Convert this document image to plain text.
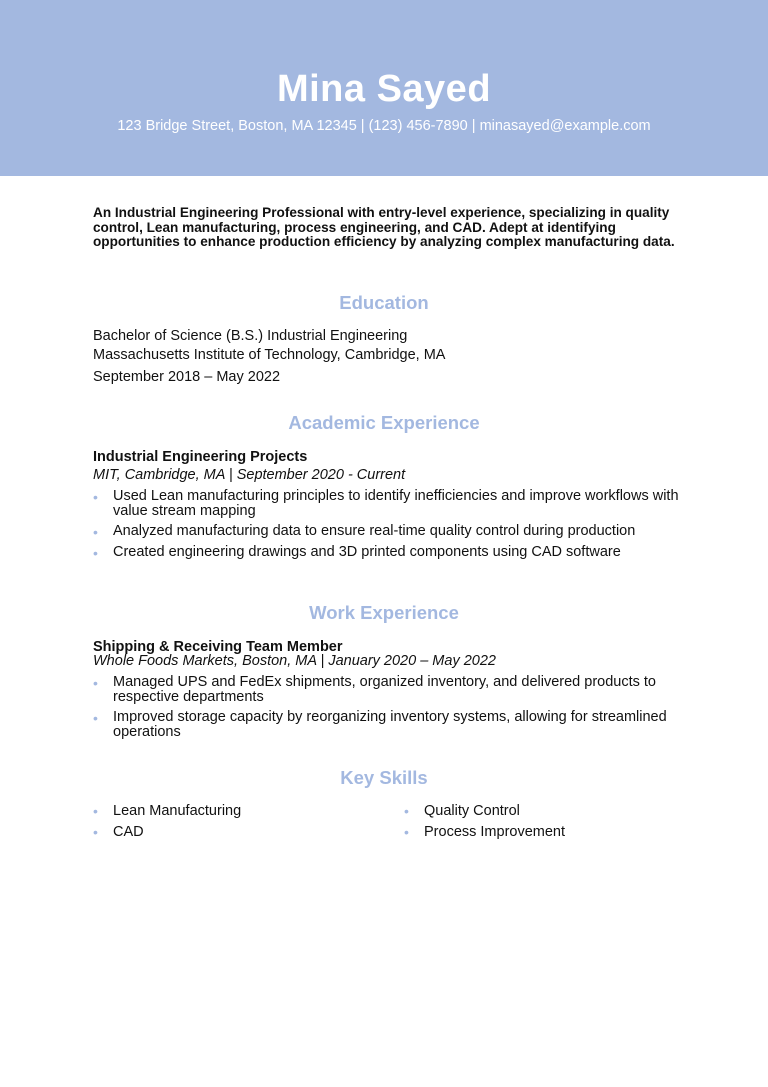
Mina Sayed
123 Bridge Street, Boston, MA 12345 | (123) 456-7890 | minasayed@example.com
An Industrial Engineering Professional with entry-level experience, specializing in quality control, Lean manufacturing, process engineering, and CAD. Adept at identifying opportunities to enhance production efficiency by analyzing complex manufacturing data.
Education
Bachelor of Science (B.S.) Industrial Engineering
Massachusetts Institute of Technology, Cambridge, MA
September 2018 – May 2022
Academic Experience
Industrial Engineering Projects
MIT, Cambridge, MA | September 2020 - Current
• Used Lean manufacturing principles to identify inefficiencies and improve workflows with value stream mapping
• Analyzed manufacturing data to ensure real-time quality control during production
• Created engineering drawings and 3D printed components using CAD software
Work Experience
Shipping & Receiving Team Member
Whole Foods Markets, Boston, MA | January 2020 – May 2022
• Managed UPS and FedEx shipments, organized inventory, and delivered products to respective departments
• Improved storage capacity by reorganizing inventory systems, allowing for streamlined operations
Key Skills
• Lean Manufacturing	• Quality Control
• CAD	• Process Improvement
